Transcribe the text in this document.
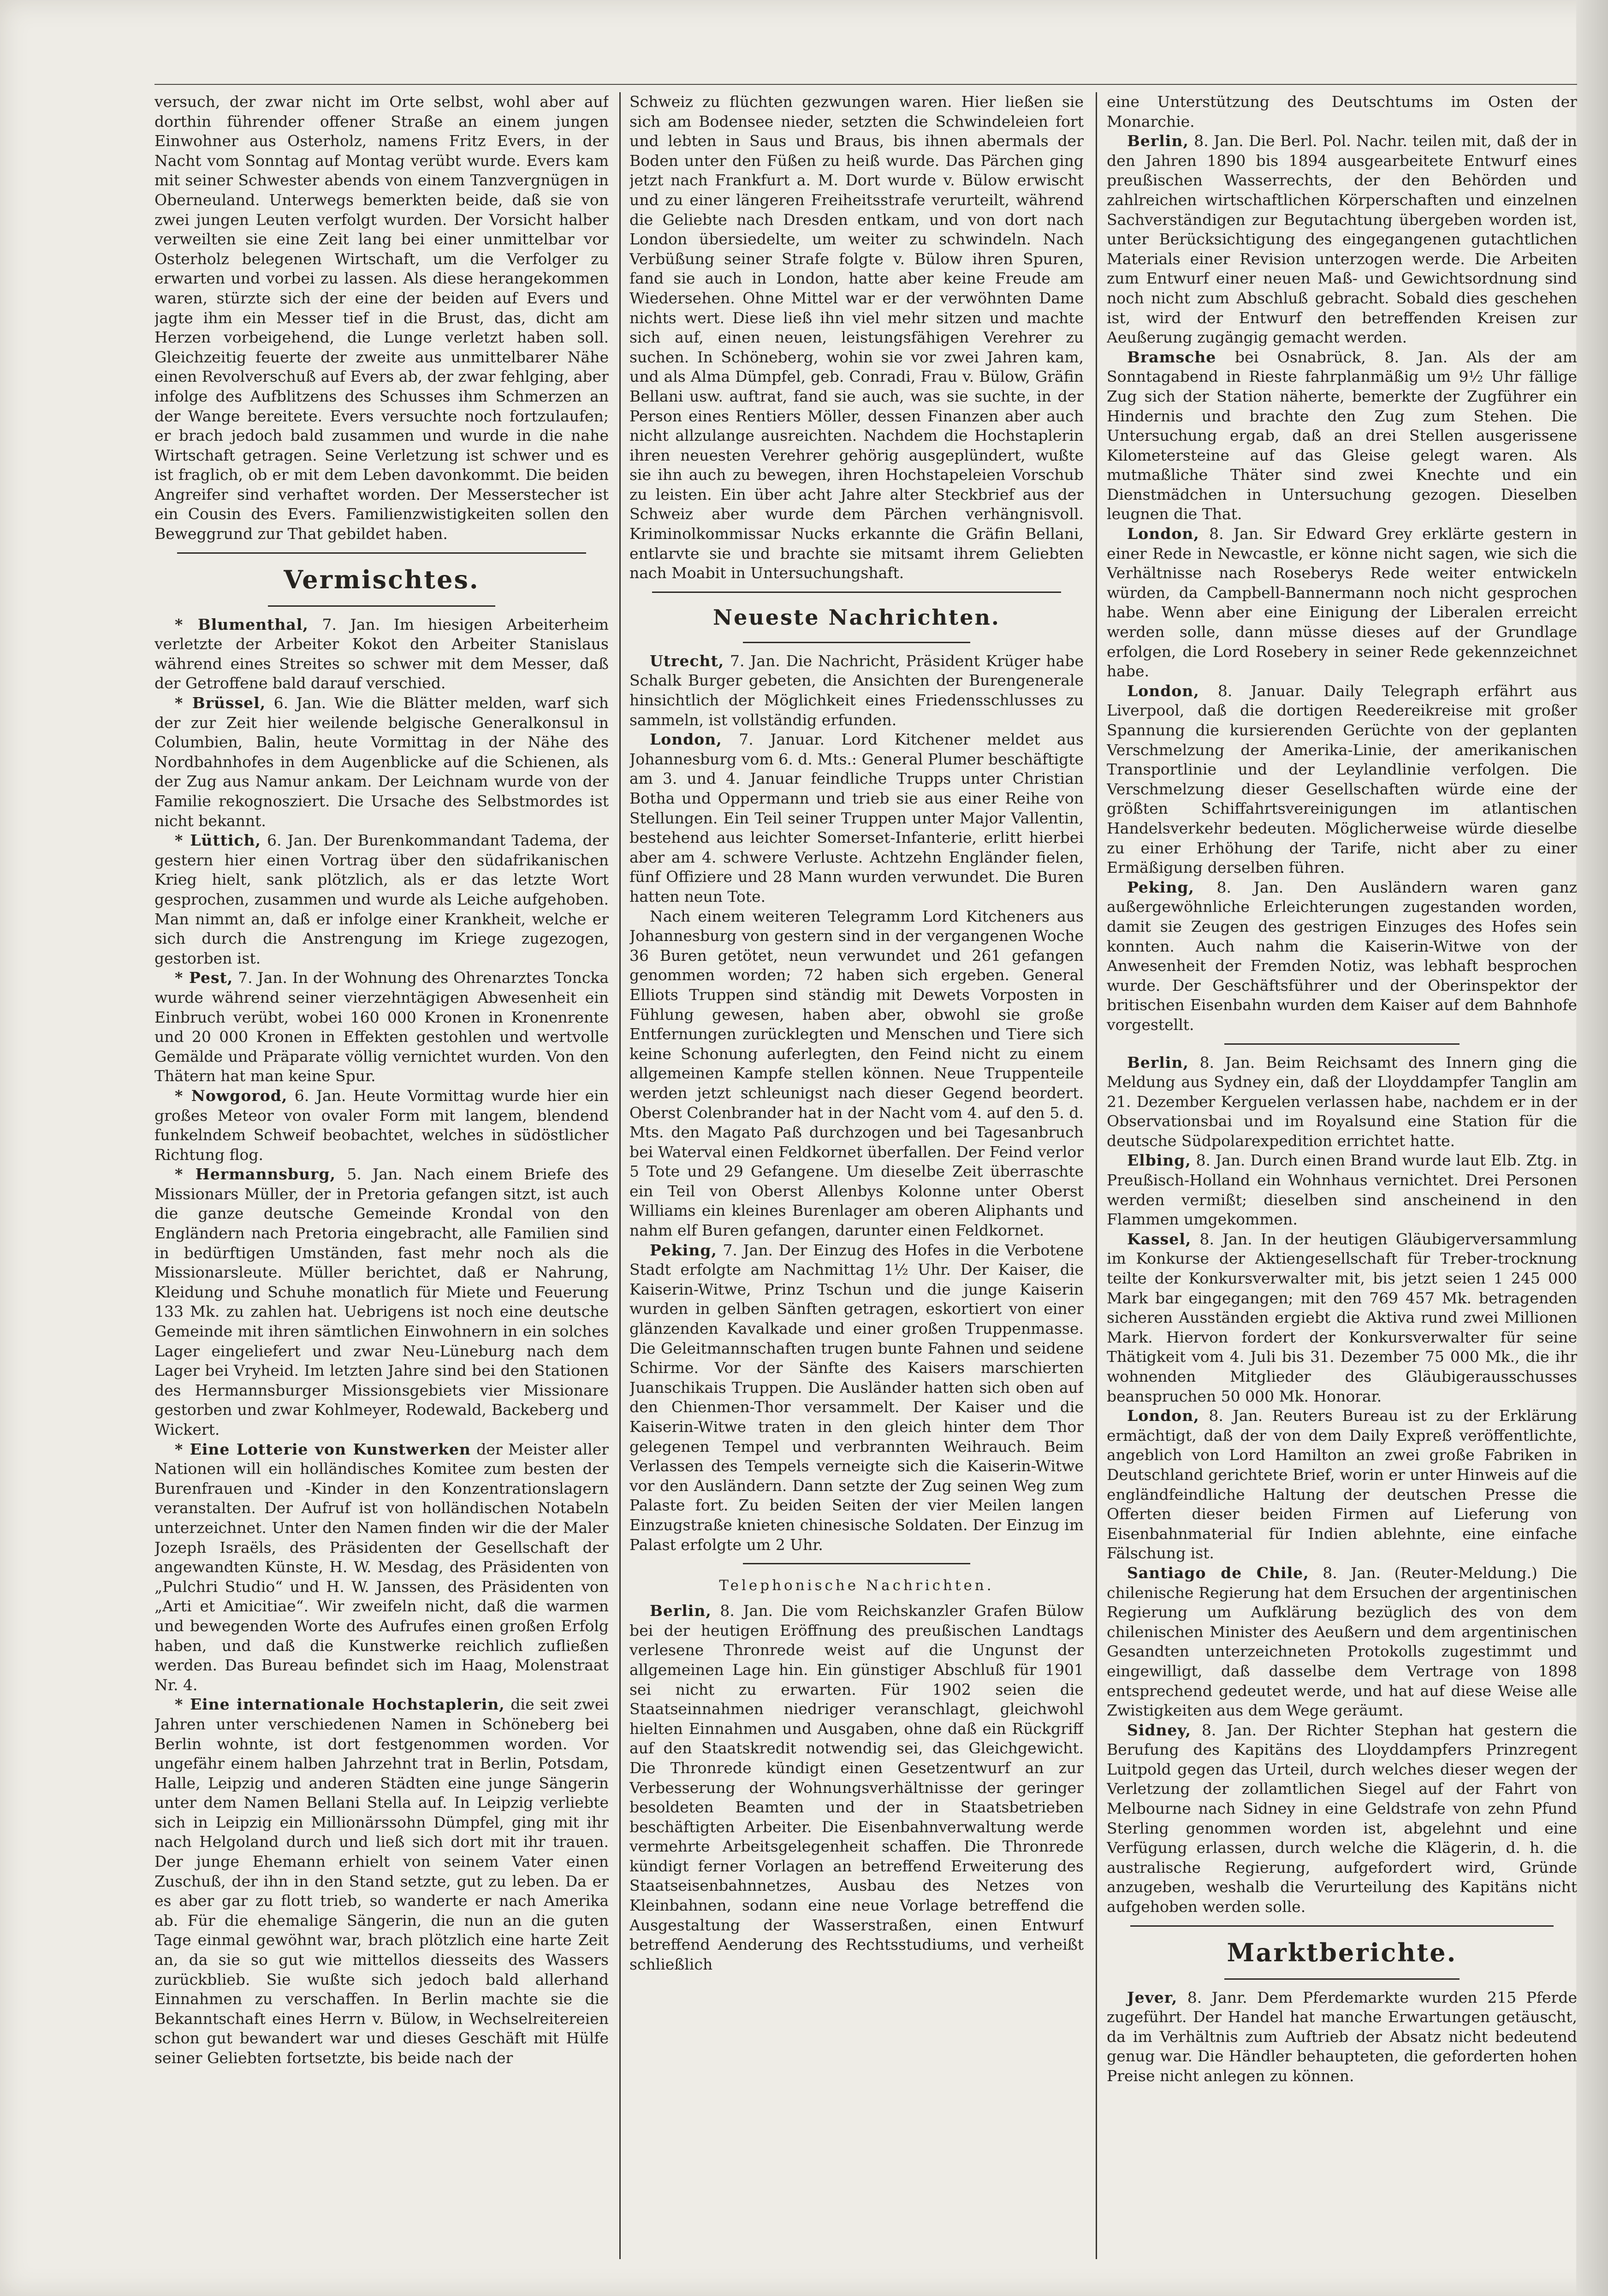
versuch, der zwar nicht im Orte selbst, wohl aber auf dorthin führender offener Straße an einem jungen Einwohner aus Osterholz, namens Fritz Evers, in der Nacht vom Sonntag auf Montag verübt wurde. Evers kam mit seiner Schwester abends von einem Tanzvergnügen in Oberneuland. Unterwegs bemerkten beide, daß sie von zwei jungen Leuten verfolgt wurden. Der Vorsicht halber verweilten sie eine Zeit lang bei einer unmittelbar vor Osterholz belegenen Wirtschaft, um die Verfolger zu erwarten und vorbei zu lassen. Als diese herangekommen waren, stürzte sich der eine der beiden auf Evers und jagte ihm ein Messer tief in die Brust, das, dicht am Herzen vorbeigehend, die Lunge verletzt haben soll. Gleichzeitig feuerte der zweite aus unmittelbarer Nähe einen Revolverschuß auf Evers ab, der zwar fehlging, aber infolge des Aufblitzens des Schusses ihm Schmerzen an der Wange bereitete. Evers versuchte noch fortzulaufen; er brach jedoch bald zusammen und wurde in die nahe Wirtschaft getragen. Seine Verletzung ist schwer und es ist fraglich, ob er mit dem Leben davonkommt. Die beiden Angreifer sind verhaftet worden. Der Messerstecher ist ein Cousin des Evers. Familienzwistigkeiten sollen den Beweggrund zur That gebildet haben.

Vermischtes.

* Blumenthal, 7. Jan. Im hiesigen Arbeiterheim verletzte der Arbeiter Kokot den Arbeiter Stanislaus während eines Streites so schwer mit dem Messer, daß der Getroffene bald darauf verschied.

* Brüssel, 6. Jan. Wie die Blätter melden, warf sich der zur Zeit hier weilende belgische Generalkonsul in Columbien, Balin, heute Vormittag in der Nähe des Nordbahnhofes in dem Augenblicke auf die Schienen, als der Zug aus Namur ankam. Der Leichnam wurde von der Familie rekognosziert. Die Ursache des Selbstmordes ist nicht bekannt.

* Lüttich, 6. Jan. Der Burenkommandant Tadema, der gestern hier einen Vortrag über den südafrikanischen Krieg hielt, sank plötzlich, als er das letzte Wort gesprochen, zusammen und wurde als Leiche aufgehoben. Man nimmt an, daß er infolge einer Krankheit, welche er sich durch die Anstrengung im Kriege zugezogen, gestorben ist.

* Pest, 7. Jan. In der Wohnung des Ohrenarztes Toncka wurde während seiner vierzehntägigen Abwesenheit ein Einbruch verübt, wobei 160 000 Kronen in Kronenrente und 20 000 Kronen in Effekten gestohlen und wertvolle Gemälde und Präparate völlig vernichtet wurden. Von den Thätern hat man keine Spur.

* Nowgorod, 6. Jan. Heute Vormittag wurde hier ein großes Meteor von ovaler Form mit langem, blendend funkelndem Schweif beobachtet, welches in südöstlicher Richtung flog.

* Hermannsburg, 5. Jan. Nach einem Briefe des Missionars Müller, der in Pretoria gefangen sitzt, ist auch die ganze deutsche Gemeinde Krondal von den Engländern nach Pretoria eingebracht, alle Familien sind in bedürftigen Umständen, fast mehr noch als die Missionarsleute. Müller berichtet, daß er Nahrung, Kleidung und Schuhe monatlich für Miete und Feuerung 133 Mk. zu zahlen hat. Uebrigens ist noch eine deutsche Gemeinde mit ihren sämtlichen Einwohnern in ein solches Lager eingeliefert und zwar Neu-Lüneburg nach dem Lager bei Vryheid. Im letzten Jahre sind bei den Stationen des Hermannsburger Missionsgebiets vier Missionare gestorben und zwar Kohlmeyer, Rodewald, Backeberg und Wickert.

* Eine Lotterie von Kunstwerken der Meister aller Nationen will ein holländisches Komitee zum besten der Burenfrauen und -Kinder in den Konzentrationslagern veranstalten. Der Aufruf ist von holländischen Notabeln unterzeichnet. Unter den Namen finden wir die der Maler Jozeph Israëls, des Präsidenten der Gesellschaft der angewandten Künste, H. W. Mesdag, des Präsidenten von „Pulchri Studio“ und H. W. Janssen, des Präsidenten von „Arti et Amicitiae“. Wir zweifeln nicht, daß die warmen und bewegenden Worte des Aufrufes einen großen Erfolg haben, und daß die Kunstwerke reichlich zufließen werden. Das Bureau befindet sich im Haag, Molenstraat Nr. 4.

* Eine internationale Hochstaplerin, die seit zwei Jahren unter verschiedenen Namen in Schöneberg bei Berlin wohnte, ist dort festgenommen worden. Vor ungefähr einem halben Jahrzehnt trat in Berlin, Potsdam, Halle, Leipzig und anderen Städten eine junge Sängerin unter dem Namen Bellani Stella auf. In Leipzig verliebte sich in Leipzig ein Millionärssohn Dümpfel, ging mit ihr nach Helgoland durch und ließ sich dort mit ihr trauen. Der junge Ehemann erhielt von seinem Vater einen Zuschuß, der ihn in den Stand setzte, gut zu leben. Da er es aber gar zu flott trieb, so wanderte er nach Amerika ab. Für die ehemalige Sängerin, die nun an die guten Tage einmal gewöhnt war, brach plötzlich eine harte Zeit an, da sie so gut wie mittellos diesseits des Wassers zurückblieb. Sie wußte sich jedoch bald allerhand Einnahmen zu verschaffen. In Berlin machte sie die Bekanntschaft eines Herrn v. Bülow, in Wechselreitereien schon gut bewandert war und dieses Geschäft mit Hülfe seiner Geliebten fortsetzte, bis beide nach der

Schweiz zu flüchten gezwungen waren. Hier ließen sie sich am Bodensee nieder, setzten die Schwindeleien fort und lebten in Saus und Braus, bis ihnen abermals der Boden unter den Füßen zu heiß wurde. Das Pärchen ging jetzt nach Frankfurt a. M. Dort wurde v. Bülow erwischt und zu einer längeren Freiheitsstrafe verurteilt, während die Geliebte nach Dresden entkam, und von dort nach London übersiedelte, um weiter zu schwindeln. Nach Verbüßung seiner Strafe folgte v. Bülow ihren Spuren, fand sie auch in London, hatte aber keine Freude am Wiedersehen. Ohne Mittel war er der verwöhnten Dame nichts wert. Diese ließ ihn viel mehr sitzen und machte sich auf, einen neuen, leistungsfähigen Verehrer zu suchen. In Schöneberg, wohin sie vor zwei Jahren kam, und als Alma Dümpfel, geb. Conradi, Frau v. Bülow, Gräfin Bellani usw. auftrat, fand sie auch, was sie suchte, in der Person eines Rentiers Möller, dessen Finanzen aber auch nicht allzulange ausreichten. Nachdem die Hochstaplerin ihren neuesten Verehrer gehörig ausgeplündert, wußte sie ihn auch zu bewegen, ihren Hochstapeleien Vorschub zu leisten. Ein über acht Jahre alter Steckbrief aus der Schweiz aber wurde dem Pärchen verhängnisvoll. Kriminolkommissar Nucks erkannte die Gräfin Bellani, entlarvte sie und brachte sie mitsamt ihrem Geliebten nach Moabit in Untersuchungshaft.

Neueste Nachrichten.

Utrecht, 7. Jan. Die Nachricht, Präsident Krüger habe Schalk Burger gebeten, die Ansichten der Burengenerale hinsichtlich der Möglichkeit eines Friedensschlusses zu sammeln, ist vollständig erfunden.

London, 7. Januar. Lord Kitchener meldet aus Johannesburg vom 6. d. Mts.: General Plumer beschäftigte am 3. und 4. Januar feindliche Trupps unter Christian Botha und Oppermann und trieb sie aus einer Reihe von Stellungen. Ein Teil seiner Truppen unter Major Vallentin, bestehend aus leichter Somerset-Infanterie, erlitt hierbei aber am 4. schwere Verluste. Achtzehn Engländer fielen, fünf Offiziere und 28 Mann wurden verwundet. Die Buren hatten neun Tote.

Nach einem weiteren Telegramm Lord Kitcheners aus Johannesburg von gestern sind in der vergangenen Woche 36 Buren getötet, neun verwundet und 261 gefangen genommen worden; 72 haben sich ergeben. General Elliots Truppen sind ständig mit Dewets Vorposten in Fühlung gewesen, haben aber, obwohl sie große Entfernungen zurücklegten und Menschen und Tiere sich keine Schonung auferlegten, den Feind nicht zu einem allgemeinen Kampfe stellen können. Neue Truppenteile werden jetzt schleunigst nach dieser Gegend beordert. Oberst Colenbrander hat in der Nacht vom 4. auf den 5. d. Mts. den Magato Paß durchzogen und bei Tagesanbruch bei Waterval einen Feldkornet überfallen. Der Feind verlor 5 Tote und 29 Gefangene. Um dieselbe Zeit überraschte ein Teil von Oberst Allenbys Kolonne unter Oberst Williams ein kleines Burenlager am oberen Aliphants und nahm elf Buren gefangen, darunter einen Feldkornet.

Peking, 7. Jan. Der Einzug des Hofes in die Verbotene Stadt erfolgte am Nachmittag 1½ Uhr. Der Kaiser, die Kaiserin-Witwe, Prinz Tschun und die junge Kaiserin wurden in gelben Sänften getragen, eskortiert von einer glänzenden Kavalkade und einer großen Truppenmasse. Die Geleitmannschaften trugen bunte Fahnen und seidene Schirme. Vor der Sänfte des Kaisers marschierten Juanschikais Truppen. Die Ausländer hatten sich oben auf den Chienmen-Thor versammelt. Der Kaiser und die Kaiserin-Witwe traten in den gleich hinter dem Thor gelegenen Tempel und verbrannten Weihrauch. Beim Verlassen des Tempels verneigte sich die Kaiserin-Witwe vor den Ausländern. Dann setzte der Zug seinen Weg zum Palaste fort. Zu beiden Seiten der vier Meilen langen Einzugstraße knieten chinesische Soldaten. Der Einzug im Palast erfolgte um 2 Uhr.

Telephonische Nachrichten.

Berlin, 8. Jan. Die vom Reichskanzler Grafen Bülow bei der heutigen Eröffnung des preußischen Landtags verlesene Thronrede weist auf die Ungunst der allgemeinen Lage hin. Ein günstiger Abschluß für 1901 sei nicht zu erwarten. Für 1902 seien die Staatseinnahmen niedriger veranschlagt, gleichwohl hielten Einnahmen und Ausgaben, ohne daß ein Rückgriff auf den Staatskredit notwendig sei, das Gleichgewicht. Die Thronrede kündigt einen Gesetzentwurf an zur Verbesserung der Wohnungsverhältnisse der geringer besoldeten Beamten und der in Staatsbetrieben beschäftigten Arbeiter. Die Eisenbahnverwaltung werde vermehrte Arbeitsgelegenheit schaffen. Die Thronrede kündigt ferner Vorlagen an betreffend Erweiterung des Staatseisenbahnnetzes, Ausbau des Netzes von Kleinbahnen, sodann eine neue Vorlage betreffend die Ausgestaltung der Wasserstraßen, einen Entwurf betreffend Aenderung des Rechtsstudiums, und verheißt schließlich

eine Unterstützung des Deutschtums im Osten der Monarchie.

Berlin, 8. Jan. Die Berl. Pol. Nachr. teilen mit, daß der in den Jahren 1890 bis 1894 ausgearbeitete Entwurf eines preußischen Wasserrechts, der den Behörden und zahlreichen wirtschaftlichen Körperschaften und einzelnen Sachverständigen zur Begutachtung übergeben worden ist, unter Berücksichtigung des eingegangenen gutachtlichen Materials einer Revision unterzogen werde. Die Arbeiten zum Entwurf einer neuen Maß- und Gewichtsordnung sind noch nicht zum Abschluß gebracht. Sobald dies geschehen ist, wird der Entwurf den betreffenden Kreisen zur Aeußerung zugängig gemacht werden.

Bramsche bei Osnabrück, 8. Jan. Als der am Sonntagabend in Rieste fahrplanmäßig um 9½ Uhr fällige Zug sich der Station näherte, bemerkte der Zugführer ein Hindernis und brachte den Zug zum Stehen. Die Untersuchung ergab, daß an drei Stellen ausgerissene Kilometersteine auf das Gleise gelegt waren. Als mutmaßliche Thäter sind zwei Knechte und ein Dienstmädchen in Untersuchung gezogen. Dieselben leugnen die That.

London, 8. Jan. Sir Edward Grey erklärte gestern in einer Rede in Newcastle, er könne nicht sagen, wie sich die Verhältnisse nach Roseberys Rede weiter entwickeln würden, da Campbell-Bannermann noch nicht gesprochen habe. Wenn aber eine Einigung der Liberalen erreicht werden solle, dann müsse dieses auf der Grundlage erfolgen, die Lord Rosebery in seiner Rede gekennzeichnet habe.

London, 8. Januar. Daily Telegraph erfährt aus Liverpool, daß die dortigen Reedereikreise mit großer Spannung die kursierenden Gerüchte von der geplanten Verschmelzung der Amerika-Linie, der amerikanischen Transportlinie und der Leylandlinie verfolgen. Die Verschmelzung dieser Gesellschaften würde eine der größten Schiffahrtsvereinigungen im atlantischen Handelsverkehr bedeuten. Möglicherweise würde dieselbe zu einer Erhöhung der Tarife, nicht aber zu einer Ermäßigung derselben führen.

Peking, 8. Jan. Den Ausländern waren ganz außergewöhnliche Erleichterungen zugestanden worden, damit sie Zeugen des gestrigen Einzuges des Hofes sein konnten. Auch nahm die Kaiserin-Witwe von der Anwesenheit der Fremden Notiz, was lebhaft besprochen wurde. Der Geschäftsführer und der Oberinspektor der britischen Eisenbahn wurden dem Kaiser auf dem Bahnhofe vorgestellt.

Berlin, 8. Jan. Beim Reichsamt des Innern ging die Meldung aus Sydney ein, daß der Lloyddampfer Tanglin am 21. Dezember Kerguelen verlassen habe, nachdem er in der Observationsbai und im Royalsund eine Station für die deutsche Südpolarexpedition errichtet hatte.

Elbing, 8. Jan. Durch einen Brand wurde laut Elb. Ztg. in Preußisch-Holland ein Wohnhaus vernichtet. Drei Personen werden vermißt; dieselben sind anscheinend in den Flammen umgekommen.

Kassel, 8. Jan. In der heutigen Gläubigerversammlung im Konkurse der Aktiengesellschaft für Treber-trocknung teilte der Konkursverwalter mit, bis jetzt seien 1 245 000 Mark bar eingegangen; mit den 769 457 Mk. betragenden sicheren Ausständen ergiebt die Aktiva rund zwei Millionen Mark. Hiervon fordert der Konkursverwalter für seine Thätigkeit vom 4. Juli bis 31. Dezember 75 000 Mk., die ihr wohnenden Mitglieder des Gläubigerausschusses beanspruchen 50 000 Mk. Honorar.

London, 8. Jan. Reuters Bureau ist zu der Erklärung ermächtigt, daß der von dem Daily Expreß veröffentlichte, angeblich von Lord Hamilton an zwei große Fabriken in Deutschland gerichtete Brief, worin er unter Hinweis auf die engländfeindliche Haltung der deutschen Presse die Offerten dieser beiden Firmen auf Lieferung von Eisenbahnmaterial für Indien ablehnte, eine einfache Fälschung ist.

Santiago de Chile, 8. Jan. (Reuter-Meldung.) Die chilenische Regierung hat dem Ersuchen der argentinischen Regierung um Aufklärung bezüglich des von dem chilenischen Minister des Aeußern und dem argentinischen Gesandten unterzeichneten Protokolls zugestimmt und eingewilligt, daß dasselbe dem Vertrage von 1898 entsprechend gedeutet werde, und hat auf diese Weise alle Zwistigkeiten aus dem Wege geräumt.

Sidney, 8. Jan. Der Richter Stephan hat gestern die Berufung des Kapitäns des Lloyddampfers Prinzregent Luitpold gegen das Urteil, durch welches dieser wegen der Verletzung der zollamtlichen Siegel auf der Fahrt von Melbourne nach Sidney in eine Geldstrafe von zehn Pfund Sterling genommen worden ist, abgelehnt und eine Verfügung erlassen, durch welche die Klägerin, d. h. die australische Regierung, aufgefordert wird, Gründe anzugeben, weshalb die Verurteilung des Kapitäns nicht aufgehoben werden solle.

Marktberichte.

Jever, 8. Janr. Dem Pferdemarkte wurden 215 Pferde zugeführt. Der Handel hat manche Erwartungen getäuscht, da im Verhältnis zum Auftrieb der Absatz nicht bedeutend genug war. Die Händler behaupteten, die geforderten hohen Preise nicht anlegen zu können.
